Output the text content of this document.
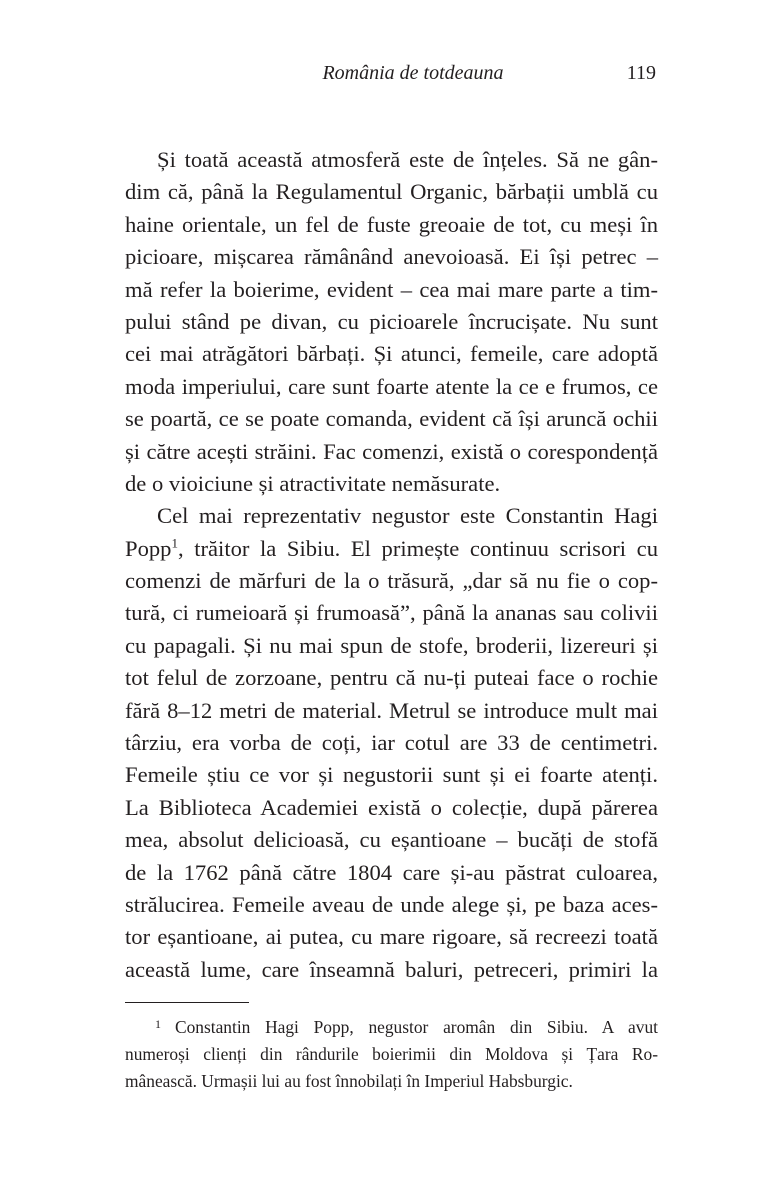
România de totdeauna	119
Și toată această atmosferă este de înțeles. Să ne gân-
dim că, până la Regulamentul Organic, bărbații umblă cu
haine orientale, un fel de fuste greoaie de tot, cu meși în
picioare, mișcarea rămânând anevoioasă. Ei își petrec –
mă refer la boierime, evident – cea mai mare parte a tim-
pului stând pe divan, cu picioarele încrucișate. Nu sunt
cei mai atrăgători bărbați. Și atunci, femeile, care adoptă
moda imperiului, care sunt foarte atente la ce e frumos, ce
se poartă, ce se poate comanda, evident că își aruncă ochii
și către acești străini. Fac comenzi, există o corespondență
de o vioiciune și atractivitate nemăsurate.
Cel mai reprezentativ negustor este Constantin Hagi
Popp$^1$, trăitor la Sibiu. El primește continuu scrisori cu
comenzi de mărfuri de la o trăsură, „dar să nu fie o cop-
tură, ci rumeioară și frumoasă”, până la ananas sau colivii
cu papagali. Și nu mai spun de stofe, broderii, lizereuri și
tot felul de zorzoane, pentru că nu-ți puteai face o rochie
fără 8–12 metri de material. Metrul se introduce mult mai
târziu, era vorba de coți, iar cotul are 33 de centimetri.
Femeile știu ce vor și negustorii sunt și ei foarte atenți.
La Biblioteca Academiei există o colecție, după părerea
mea, absolut delicioasă, cu eșantioane – bucăți de stofă
de la 1762 până către 1804 care și-au păstrat culoarea,
strălucirea. Femeile aveau de unde alege și, pe baza aces-
tor eșantioane, ai putea, cu mare rigoare, să recreezi toată
această lume, care înseamnă baluri, petreceri, primiri la
$^1$ Constantin Hagi Popp, negustor aromân din Sibiu. A avut
numeroși clienți din rândurile boierimii din Moldova și Țara Ro-
mânească. Urmașii lui au fost înnobilați în Imperiul Habsburgic.
